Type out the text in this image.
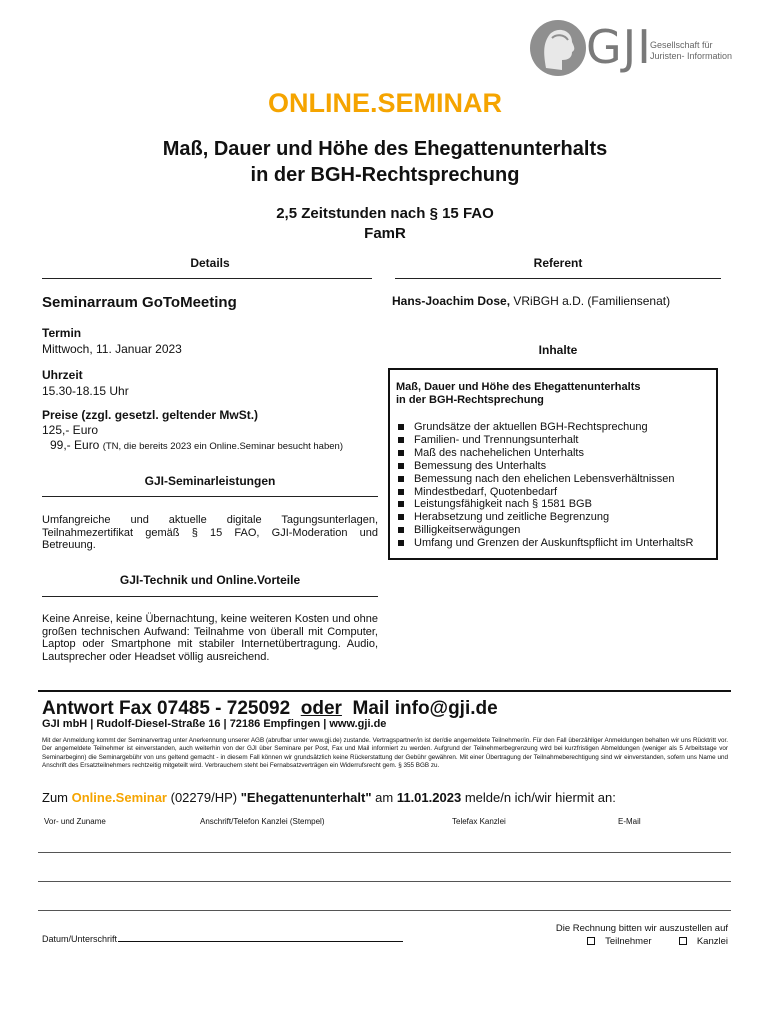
GJI
Gesellschaft für
Juristen- Information
ONLINE.SEMINAR
Maß, Dauer und Höhe des Ehegattenunterhalts
in der BGH-Rechtsprechung
2,5 Zeitstunden nach § 15 FAO
FamR
Details
Seminarraum GoToMeeting
Termin
Mittwoch, 11. Januar 2023
Uhrzeit
15.30-18.15 Uhr
Preise (zzgl. gesetzl. geltender MwSt.)
125,- Euro
99,- Euro (TN, die bereits 2023 ein Online.Seminar besucht haben)
GJI-Seminarleistungen
Umfangreiche und aktuelle digitale Tagungsunterlagen, Teilnahmezertifikat gemäß § 15 FAO, GJI-Moderation und Betreuung.
GJI-Technik und Online.Vorteile
Keine Anreise, keine Übernachtung, keine weiteren Kosten und ohne großen technischen Aufwand: Teilnahme von überall mit Computer, Laptop oder Smartphone mit stabiler Internetübertragung. Audio, Lautsprecher oder Headset völlig ausreichend.
Referent
Hans-Joachim Dose, VRiBGH a.D. (Familiensenat)
Inhalte
Maß, Dauer und Höhe des Ehegattenunterhalts
in der BGH-Rechtsprechung
Grundsätze der aktuellen BGH-Rechtsprechung
Familien- und Trennungsunterhalt
Maß des nachehelichen Unterhalts
Bemessung des Unterhalts
Bemessung nach den ehelichen Lebensverhältnissen
Mindestbedarf, Quotenbedarf
Leistungsfähigkeit nach § 1581 BGB
Herabsetzung und zeitliche Begrenzung
Billigkeitserwägungen
Umfang und Grenzen der Auskunftspflicht im UnterhaltsR
Antwort Fax 07485 - 725092 oder Mail info@gji.de
GJI mbH | Rudolf-Diesel-Straße 16 | 72186 Empfingen | www.gji.de
Mit der Anmeldung kommt der Seminarvertrag unter Anerkennung unserer AGB (abrufbar unter www.gji.de) zustande. Vertragspartner/in ist der/die angemeldete Teilnehmer/in. Für den Fall überzähliger Anmeldungen behalten wir uns Rücktritt vor. Der angemeldete Teilnehmer ist einverstanden, auch weiterhin von der GJI über Seminare per Post, Fax und Mail informiert zu werden. Aufgrund der Teilnehmerbegrenzung wird bei kurzfristigen Abmeldungen (weniger als 5 Arbeitstage vor Seminarbeginn) die Seminargebühr von uns geltend gemacht - in diesem Fall können wir grundsätzlich keine Rückerstattung der Gebühr gewähren. Mit einer Übertragung der Teilnahmeberechtigung sind wir einverstanden, sofern uns Name und Anschrift des Ersatzteilnehmers rechtzeitig mitgeteilt wird. Verbrauchern steht bei Fernabsatzverträgen ein Widerrufsrecht gem. § 355 BGB zu.
Zum Online.Seminar (02279/HP) "Ehegattenunterhalt" am 11.01.2023 melde/n ich/wir hiermit an:
Vor- und Zuname	Anschrift/Telefon Kanzlei (Stempel)	Telefax Kanzlei	E-Mail
Datum/Unterschrift
Die Rechnung bitten wir auszustellen auf
Teilnehmer	Kanzlei
